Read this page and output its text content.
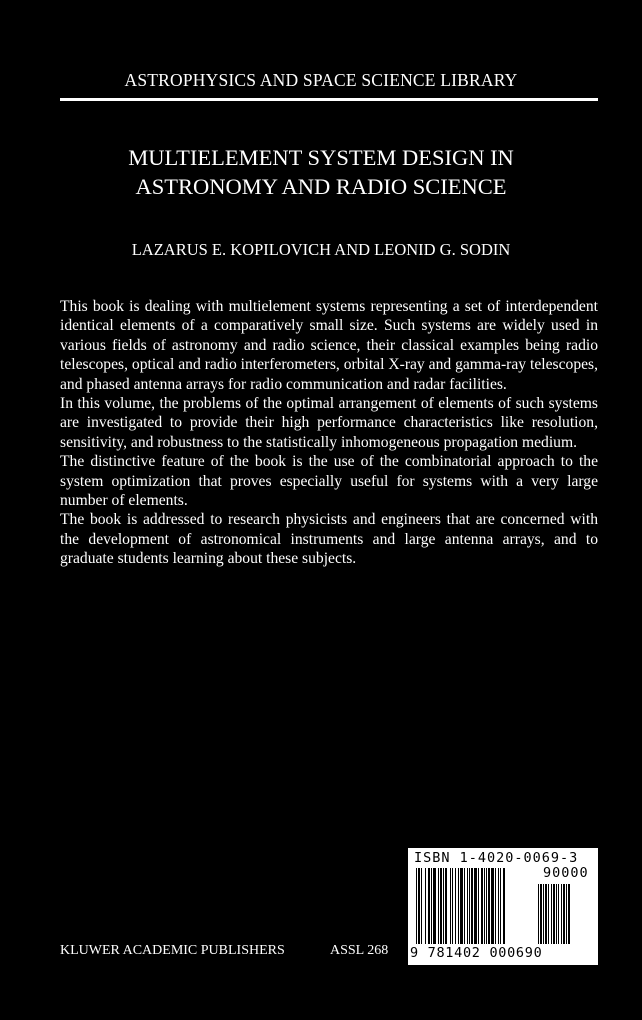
ASTROPHYSICS AND SPACE SCIENCE LIBRARY
MULTIELEMENT SYSTEM DESIGN IN
ASTRONOMY AND RADIO SCIENCE
LAZARUS E. KOPILOVICH AND LEONID G. SODIN

This book is dealing with multielement systems representing a set of interdependent identical elements of a comparatively small size. Such systems are widely used in various fields of astronomy and radio science, their classical examples being radio telescopes, optical and radio interferometers, orbital X-ray and gamma-ray telescopes, and phased antenna arrays for radio communication and radar facilities.

In this volume, the problems of the optimal arrangement of elements of such systems are investigated to provide their high performance characteristics like resolution, sensitivity, and robustness to the statistically inhomogeneous propagation medium.

The distinctive feature of the book is the use of the combinatorial approach to the system optimization that proves especially useful for systems with a very large number of elements.

The book is addressed to research physicists and engineers that are concerned with the development of astronomical instruments and large antenna arrays, and to graduate students learning about these subjects.

KLUWER ACADEMIC PUBLISHERS	ASSL 268
ISBN 1-4020-0069-3
90000
9 781402 000690
